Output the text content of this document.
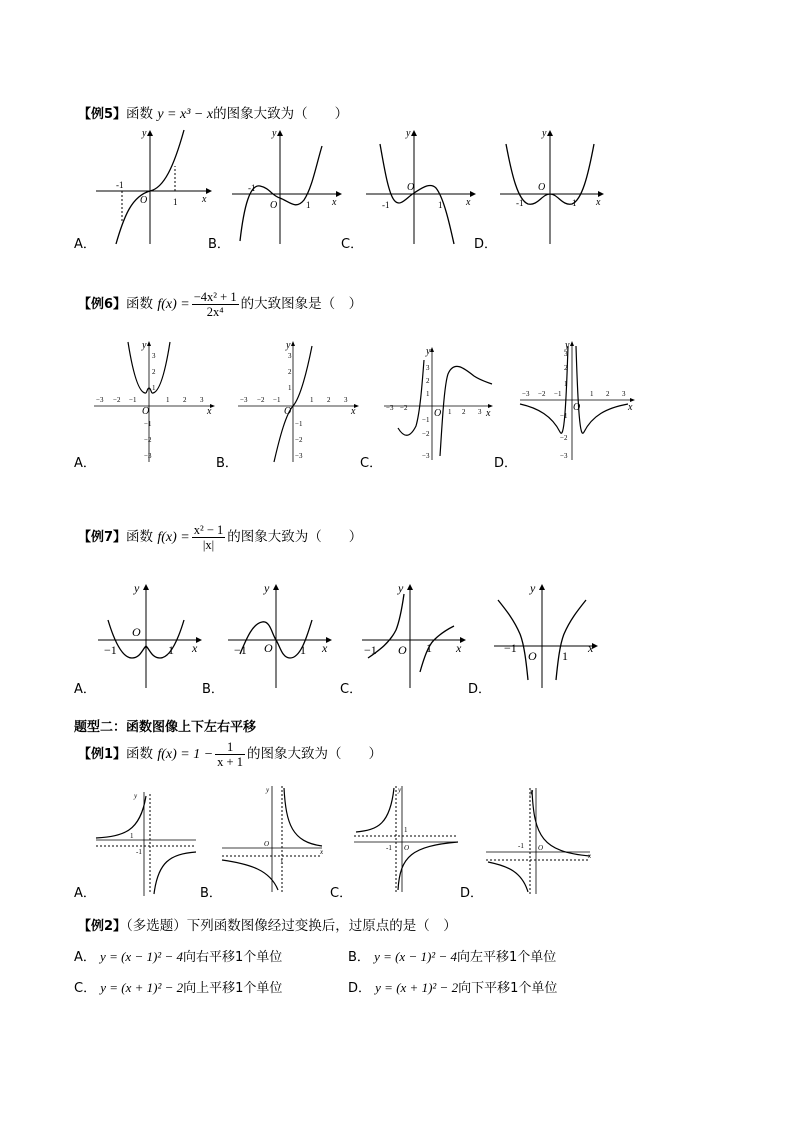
【例5】函数 y = x³ − x的图象大致为（　　）
-1
O	1 x
y
A．
-1
O	1 x
y
B．
-1
O
1 x
y
C．
-1
O
1 x
y
D．
【例6】函数 $f(x) = \frac{\text{−4x² + 1}}{\text{2x⁴}}$ 的大致图象是（　）
−3 −2 −1	1 2 3
3
2
1
O
−1
−2
−3
x
y
A．
−3 −2 −1	1 2 3
3
2
1
O
−1
−2
−3
x
y
B．
−3 −2	1 2 3
3
2
1
O
−1
−2
−3
x
y
C．
−3 −2 −1	1 2 3
3
2
1
O
−1
−2
−3
x
y
D．
【例7】函数 $f(x) = \frac{\text{x² − 1}}{|x|}$ 的图象大致为（　　）
−1
O
1 x
y
A．
−1 O 1 x
y
B．
−1 O 1 x
y
C．
−1
O 1
x
y
D．
题型二：函数图像上下左右平移
【例1】函数 $f(x) = 1 - \frac{1}{x + 1}$ 的图象大致为（　　）
y
1
-1
A．
y
O
x
1
B．
y
1
-1 O
C．
y
-1 O
x
D．
【例2】（多选题）下列函数图像经过变换后，过原点的是（　）
A． y = (x − 1)² − 4向右平移1个单位	B． y = (x − 1)² − 4向左平移1个单位
C． y = (x + 1)² − 2向上平移1个单位	D． y = (x + 1)² − 2向下平移1个单位
